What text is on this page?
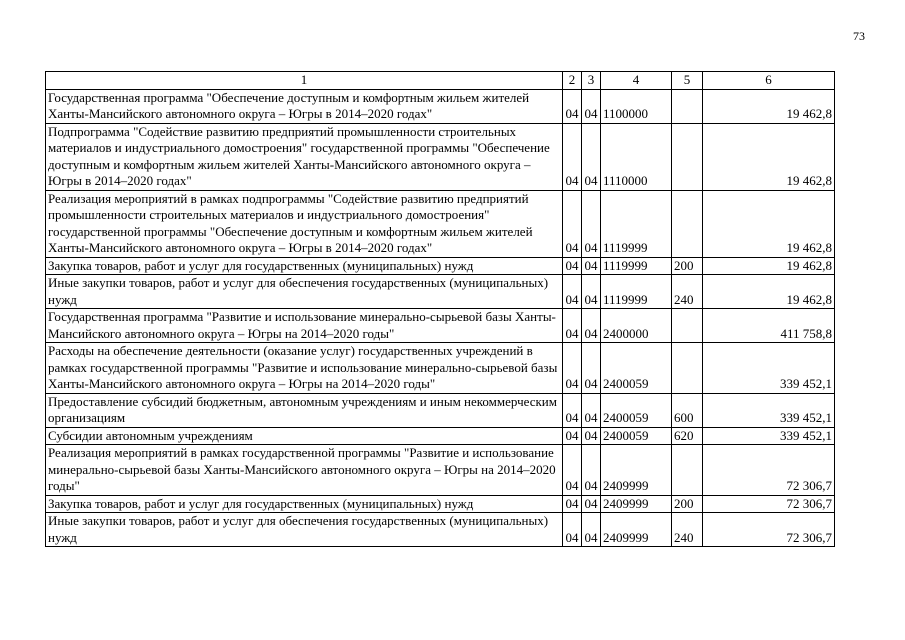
73
1	2	3	4	5	6
Государственная программа "Обеспечение доступным и комфортным жильем жителей Ханты-Мансийского автономного округа – Югры в 2014–2020 годах"	04	04	1100000		19 462,8
Подпрограмма "Содействие развитию предприятий промышленности строительных материалов и индустриального домостроения" государственной программы "Обеспечение доступным и комфортным жильем жителей Ханты-Мансийского автономного округа – Югры в 2014–2020 годах"	04	04	1110000		19 462,8
Реализация мероприятий в рамках подпрограммы "Содействие развитию предприятий промышленности строительных материалов и индустриального домостроения" государственной программы "Обеспечение доступным и комфортным жильем жителей Ханты-Мансийского автономного округа – Югры в 2014–2020 годах"	04	04	1119999		19 462,8
Закупка товаров, работ и услуг для государственных (муниципальных) нужд	04	04	1119999	200	19 462,8
Иные закупки товаров, работ и услуг для обеспечения государственных (муниципальных) нужд	04	04	1119999	240	19 462,8
Государственная программа "Развитие и использование минерально-сырьевой базы Ханты-Мансийского автономного округа – Югры на 2014–2020 годы"	04	04	2400000		411 758,8
Расходы на обеспечение деятельности (оказание услуг) государственных учреждений в рамках государственной программы "Развитие и использование минерально-сырьевой базы Ханты-Мансийского автономного округа – Югры на 2014–2020 годы"	04	04	2400059		339 452,1
Предоставление субсидий бюджетным, автономным учреждениям и иным некоммерческим организациям	04	04	2400059	600	339 452,1
Субсидии автономным учреждениям	04	04	2400059	620	339 452,1
Реализация мероприятий в рамках государственной программы "Развитие и использование минерально-сырьевой базы Ханты-Мансийского автономного округа – Югры на 2014–2020 годы"	04	04	2409999		72 306,7
Закупка товаров, работ и услуг для государственных (муниципальных) нужд	04	04	2409999	200	72 306,7
Иные закупки товаров, работ и услуг для обеспечения государственных (муниципальных) нужд	04	04	2409999	240	72 306,7
